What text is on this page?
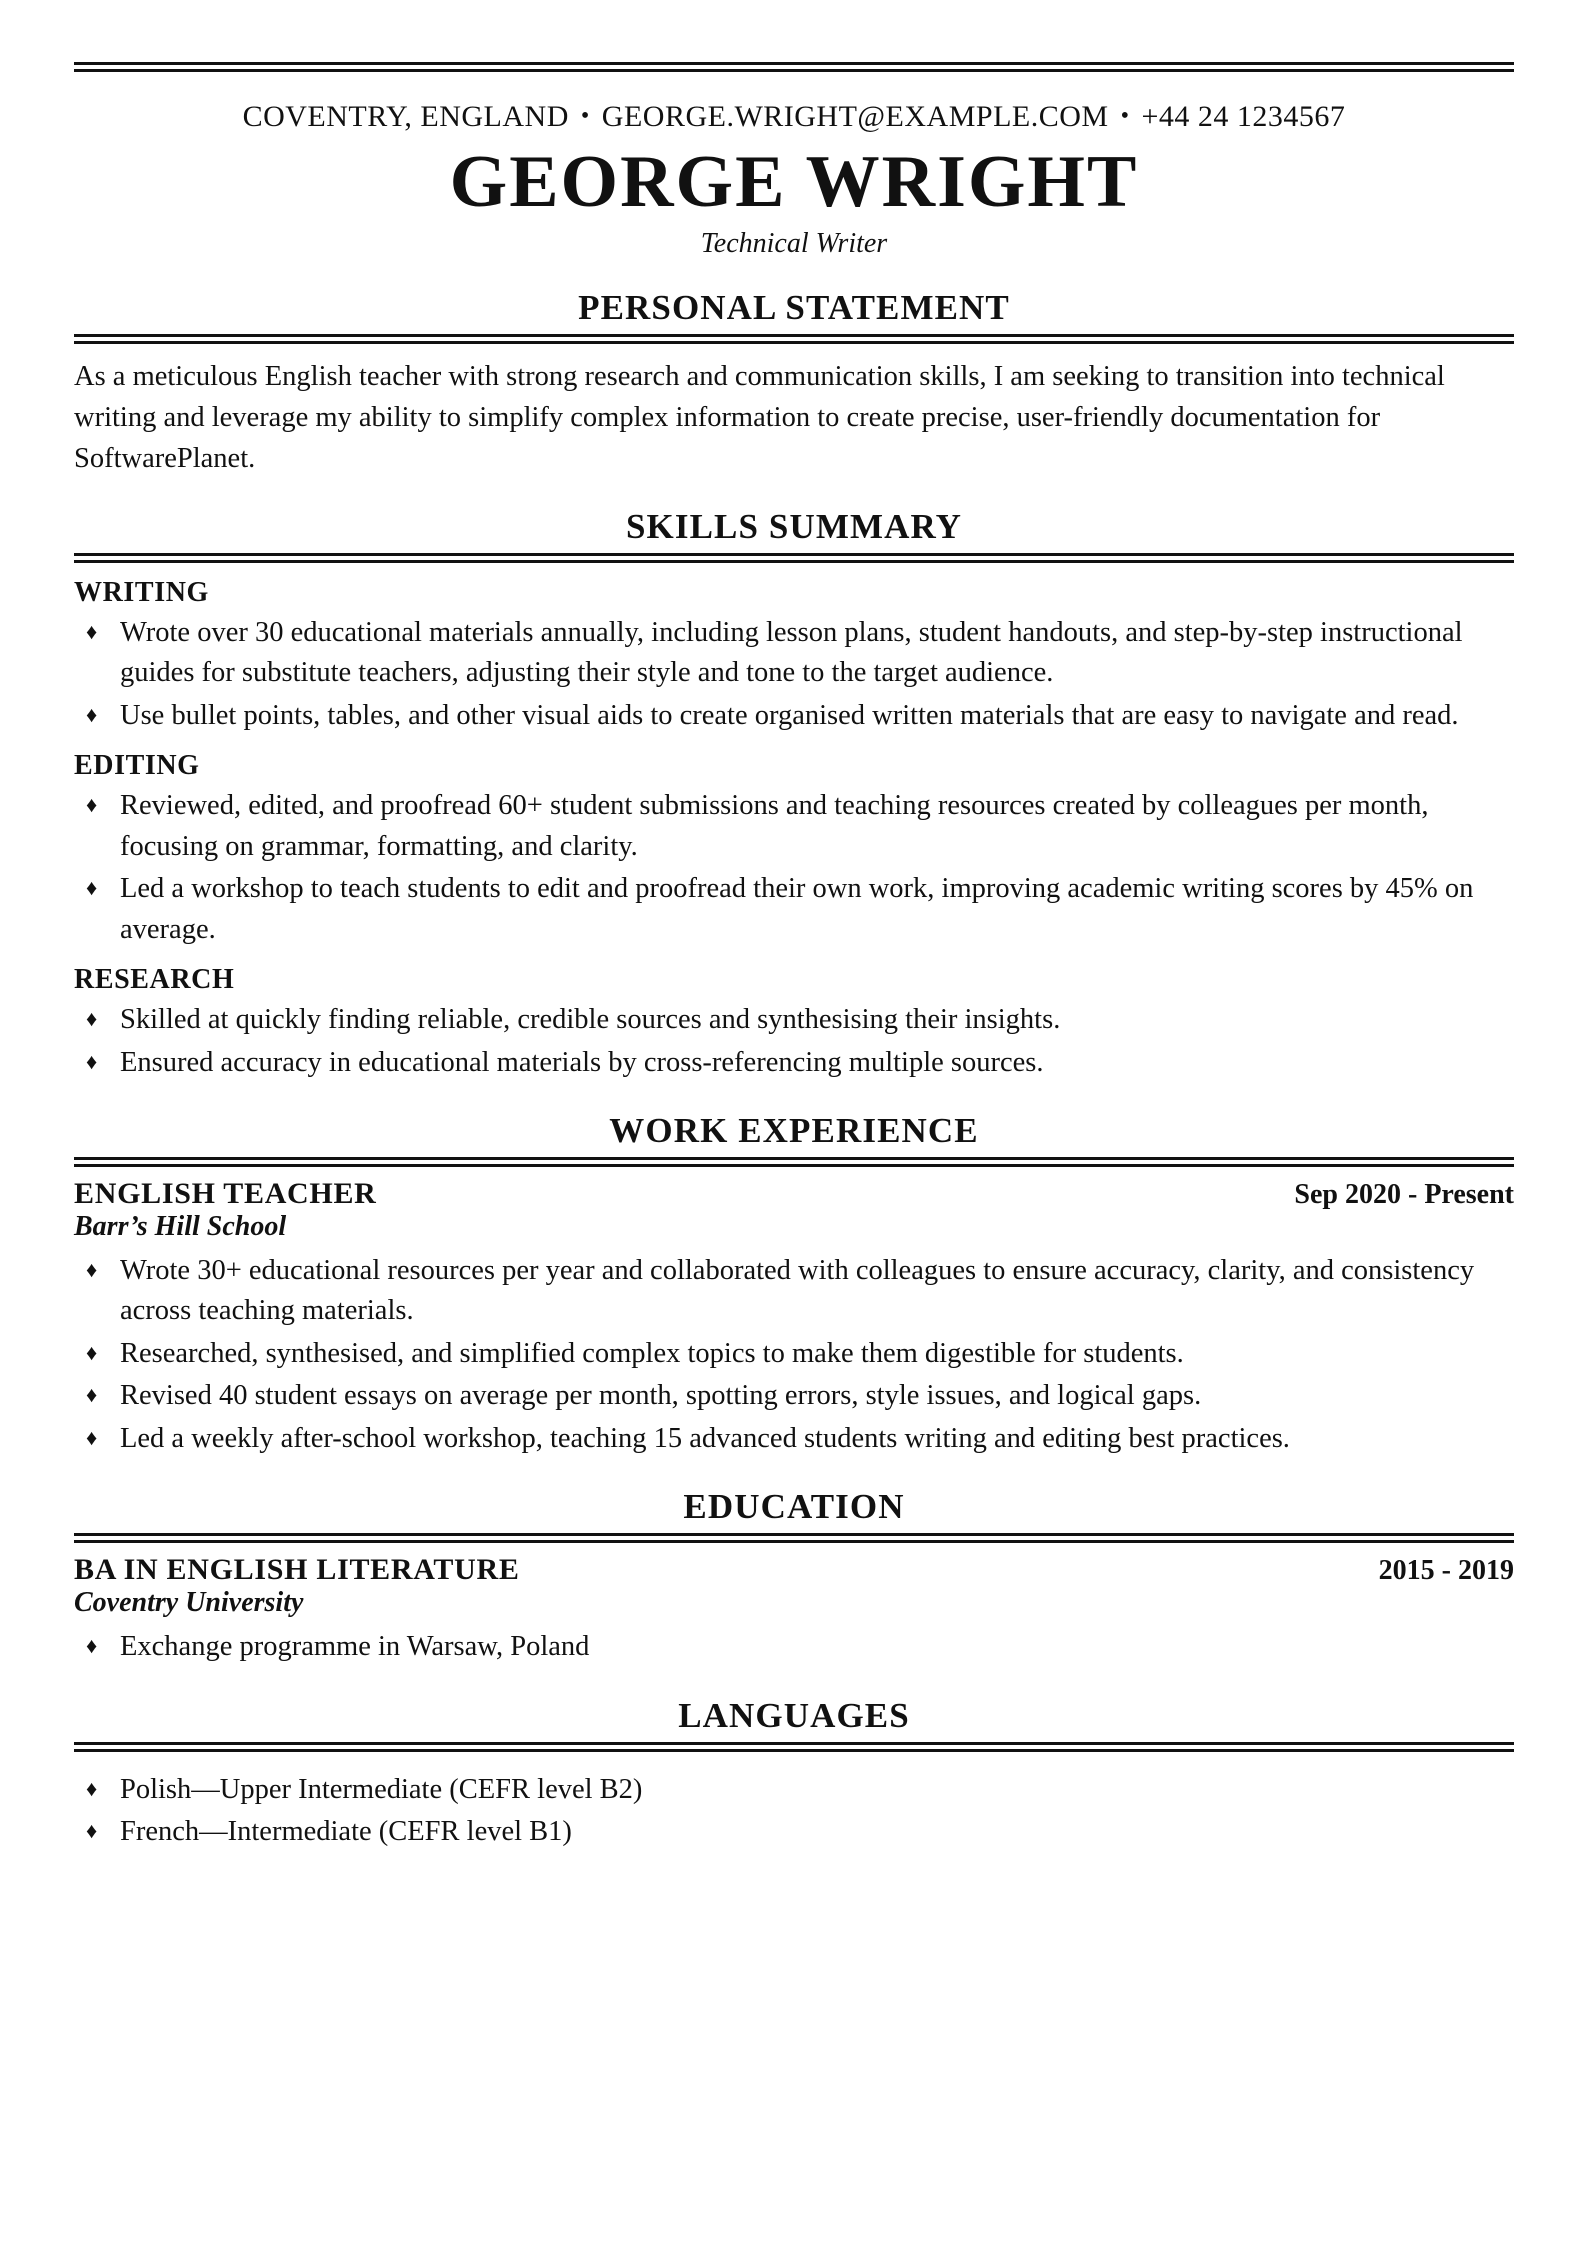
COVENTRY, ENGLAND • GEORGE.WRIGHT@EXAMPLE.COM • +44 24 1234567
GEORGE WRIGHT
Technical Writer
PERSONAL STATEMENT

As a meticulous English teacher with strong research and communication skills, I am seeking to transition into technical writing and leverage my ability to simplify complex information to create precise, user-friendly documentation for SoftwarePlanet.

SKILLS SUMMARY
WRITING
♦ Wrote over 30 educational materials annually, including lesson plans, student handouts, and step-by-step instructional guides for substitute teachers, adjusting their style and tone to the target audience.
♦ Use bullet points, tables, and other visual aids to create organised written materials that are easy to navigate and read.
EDITING
♦ Reviewed, edited, and proofread 60+ student submissions and teaching resources created by colleagues per month, focusing on grammar, formatting, and clarity.
♦ Led a workshop to teach students to edit and proofread their own work, improving academic writing scores by 45% on average.
RESEARCH
♦ Skilled at quickly finding reliable, credible sources and synthesising their insights.
♦ Ensured accuracy in educational materials by cross-referencing multiple sources.
WORK EXPERIENCE
ENGLISH TEACHER	Sep 2020 - Present
Barr’s Hill School
♦ Wrote 30+ educational resources per year and collaborated with colleagues to ensure accuracy, clarity, and consistency across teaching materials.
♦ Researched, synthesised, and simplified complex topics to make them digestible for students.
♦ Revised 40 student essays on average per month, spotting errors, style issues, and logical gaps.
♦ Led a weekly after-school workshop, teaching 15 advanced students writing and editing best practices.
EDUCATION
BA IN ENGLISH LITERATURE	2015 - 2019
Coventry University
♦ Exchange programme in Warsaw, Poland
LANGUAGES
♦ Polish—Upper Intermediate (CEFR level B2)
♦ French—Intermediate (CEFR level B1)
